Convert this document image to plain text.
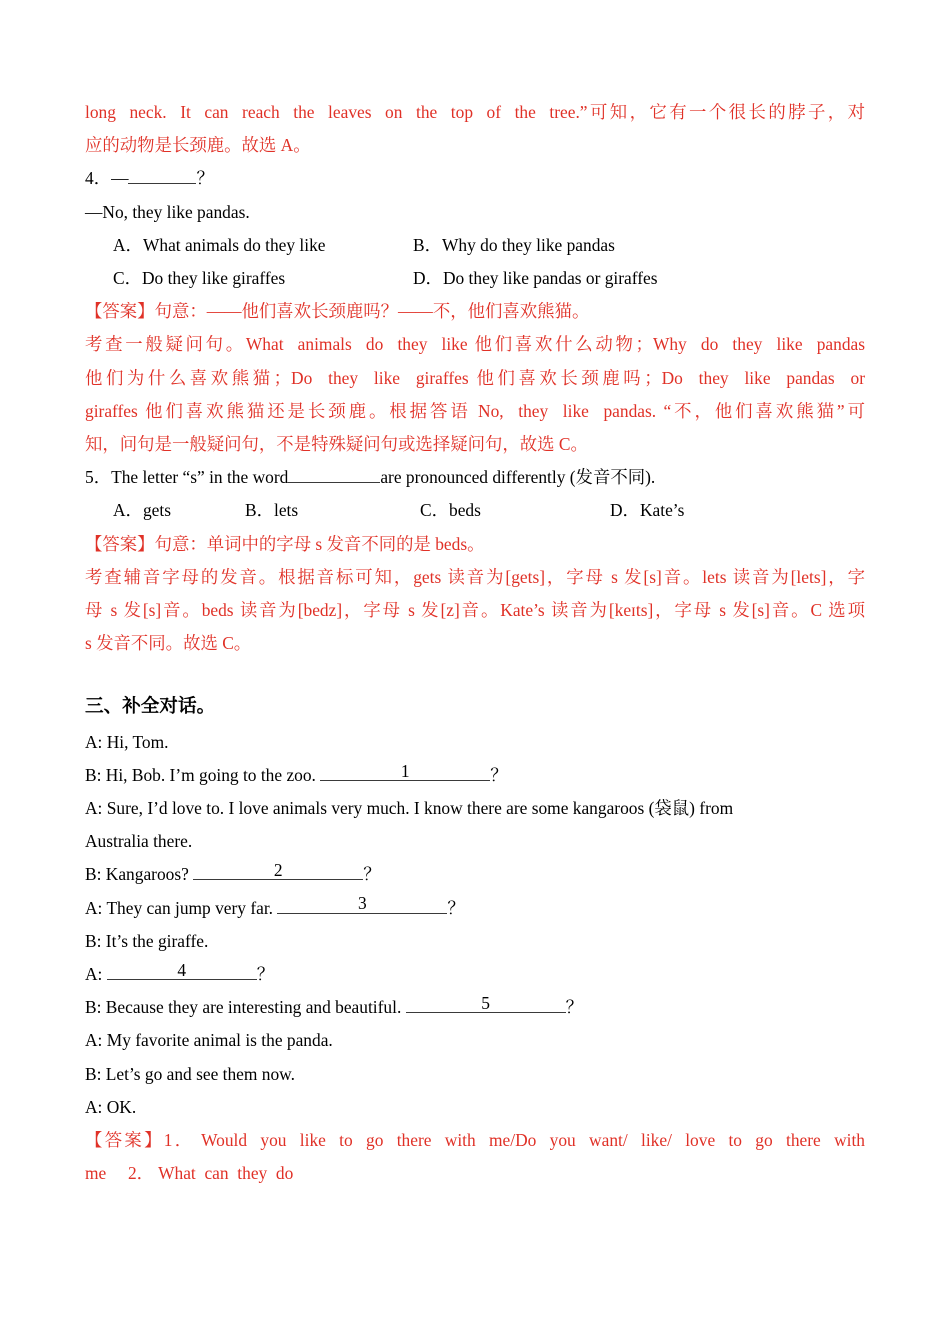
long  neck.  It  can  reach  the  leaves  on  the  top  of  the  tree.”可知，它有一个很长的脖子，对
应的动物是长颈鹿。故选 A。
4．—	？
—No, they like pandas.
A．What animals do they like	B．Why do they like pandas
C．Do they like giraffes	D．Do they like pandas or giraffes
【答案】句意：——他们喜欢长颈鹿吗？——不，他们喜欢熊猫。
考查一般疑问句。What  animals  do  they  like 他们喜欢什么动物；Why  do  they  like  pandas
他们为什么喜欢熊猫；Do  they  like  giraffes 他们喜欢长颈鹿吗；Do  they  like  pandas  or
giraffes 他们喜欢熊猫还是长颈鹿。根据答语 No,  they  like  pandas. “不，他们喜欢熊猫”可
知，问句是一般疑问句，不是特殊疑问句或选择疑问句，故选 C。
5．The letter “s” in the word	are pronounced differently (发音不同).
A．gets	B．lets	C．beds	D．Kate’s
【答案】句意：单词中的字母 s 发音不同的是 beds。
考查辅音字母的发音。根据音标可知，gets 读音为[gets]，字母 s 发[s]音。lets 读音为[lets]，字
母 s 发[s]音。beds 读音为[bedz]，字母 s 发[z]音。Kate’s 读音为[keɪts]，字母 s 发[s]音。C 选项
s 发音不同。故选 C。
三、补全对话。
A: Hi, Tom.
B: Hi, Bob. I’m going to the zoo.	1	？
A: Sure, I’d love to. I love animals very much. I know there are some kangaroos (袋鼠) from
Australia there.
B: Kangaroos?	2	？
A: They can jump very far.	3	？
B: It’s the giraffe.
A:	4	？
B: Because they are interesting and beautiful.	5	？
A: My favorite animal is the panda.
B: Let’s go and see them now.
A: OK.
【答案】1． Would  you  like  to  go  there  with  me/Do  you  want/  like/  love  to  go  there  with
me  2． What  can  they  do
